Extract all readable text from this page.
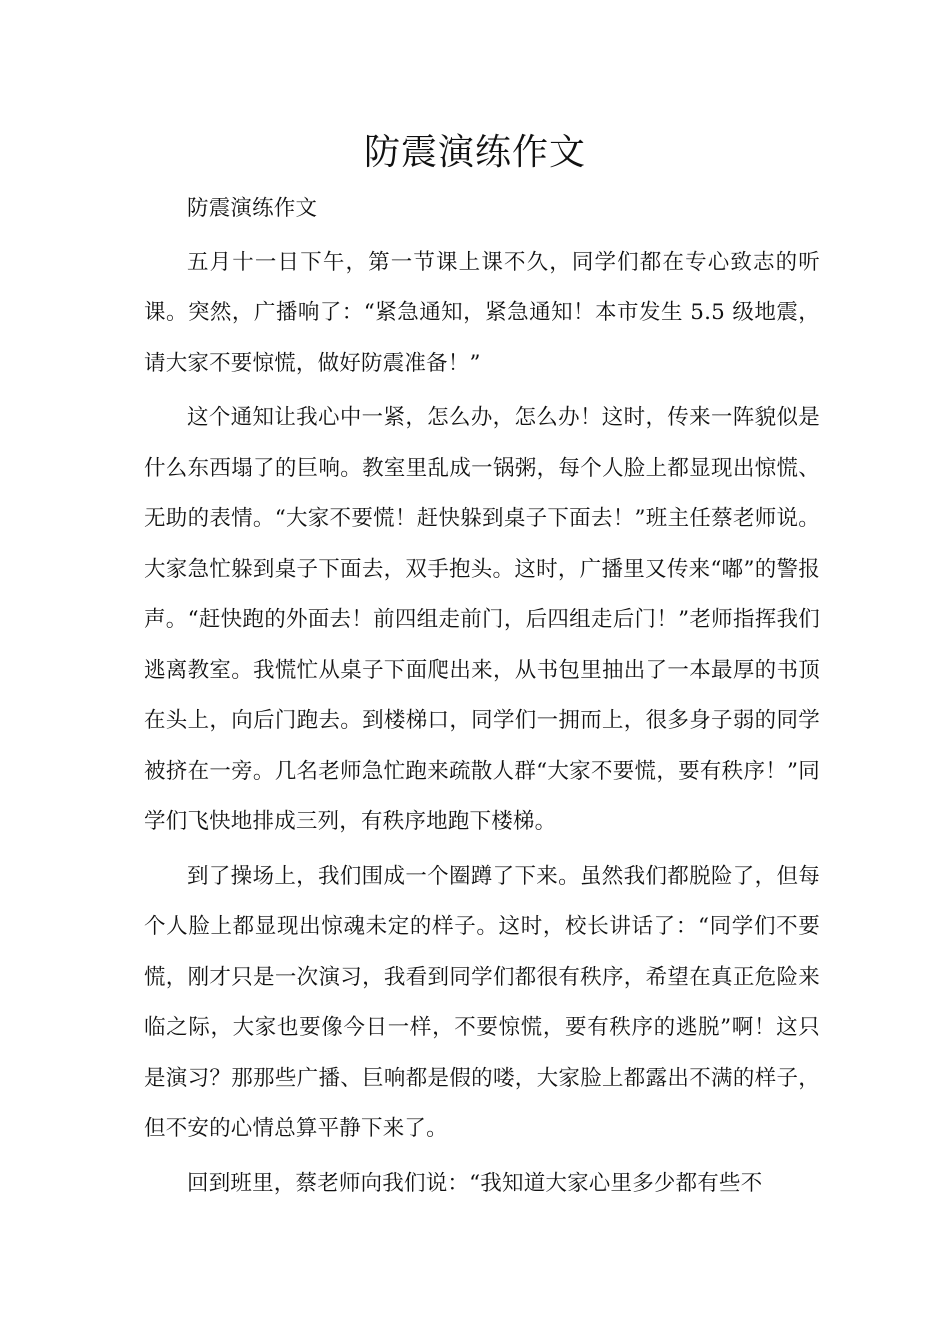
防震演练作文

防震演练作文

五月十一日下午，第一节课上课不久，同学们都在专心致志的听课。突然，广播响了：“紧急通知，紧急通知！本市发生 5.5 级地震，请大家不要惊慌，做好防震准备！”

这个通知让我心中一紧，怎么办，怎么办！这时，传来一阵貌似是什么东西塌了的巨响。教室里乱成一锅粥，每个人脸上都显现出惊慌、无助的表情。“大家不要慌！赶快躲到桌子下面去！”班主任蔡老师说。大家急忙躲到桌子下面去，双手抱头。这时，广播里又传来“嘟”的警报声。“赶快跑的外面去！前四组走前门，后四组走后门！”老师指挥我们逃离教室。我慌忙从桌子下面爬出来，从书包里抽出了一本最厚的书顶在头上，向后门跑去。到楼梯口，同学们一拥而上，很多身子弱的同学被挤在一旁。几名老师急忙跑来疏散人群“大家不要慌，要有秩序！”同学们飞快地排成三列，有秩序地跑下楼梯。

到了操场上，我们围成一个圈蹲了下来。虽然我们都脱险了，但每个人脸上都显现出惊魂未定的样子。这时，校长讲话了：“同学们不要慌，刚才只是一次演习，我看到同学们都很有秩序，希望在真正危险来临之际，大家也要像今日一样，不要惊慌，要有秩序的逃脱”啊！这只是演习？那那些广播、巨响都是假的喽，大家脸上都露出不满的样子，但不安的心情总算平静下来了。

回到班里，蔡老师向我们说：“我知道大家心里多少都有些不
